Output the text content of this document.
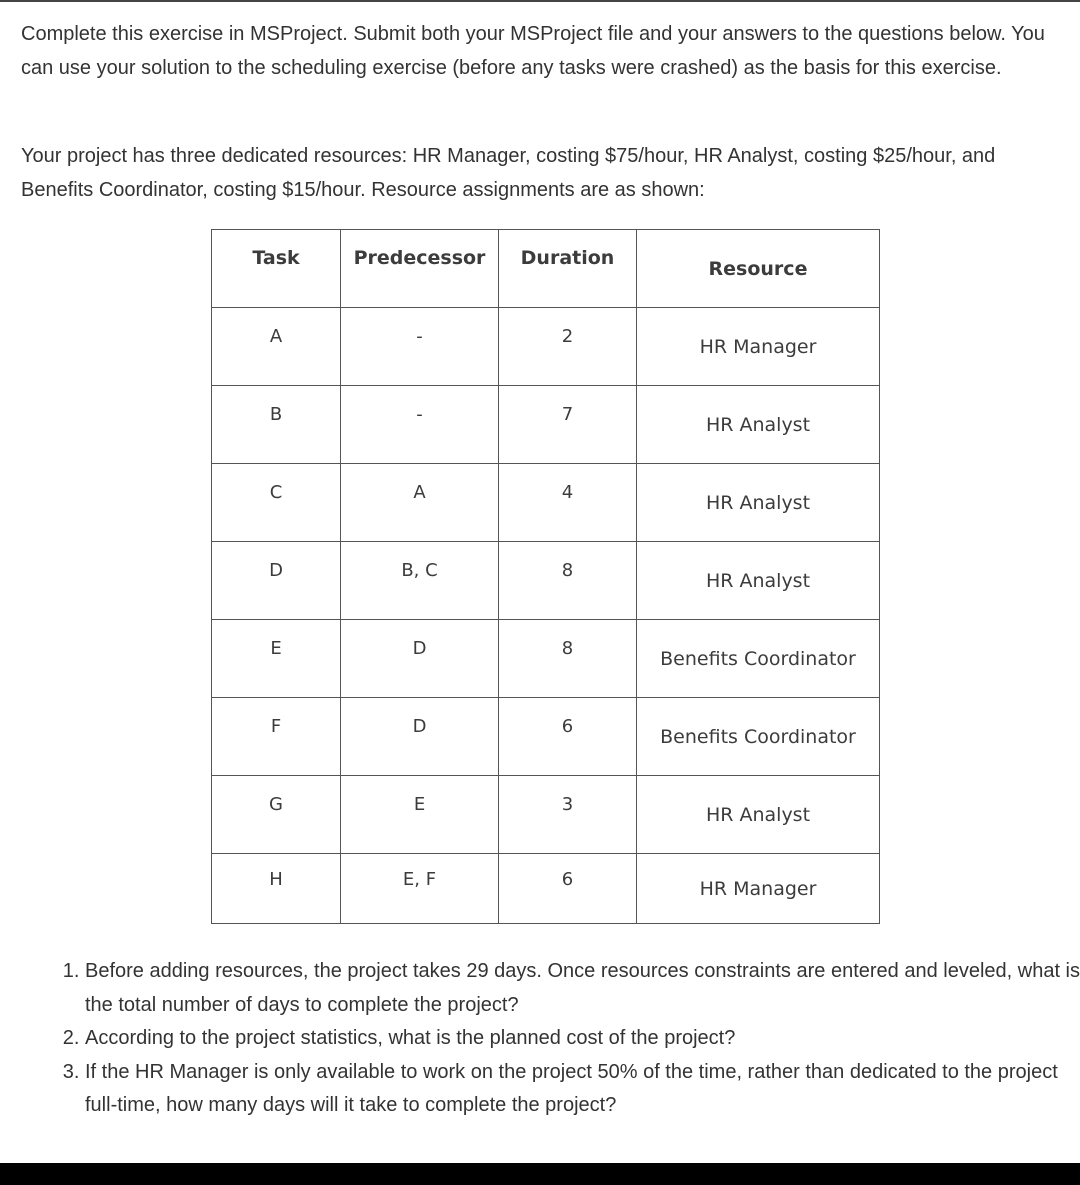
Complete this exercise in MSProject. Submit both your MSProject file and your answers to the questions below. You can use your solution to the scheduling exercise (before any tasks were crashed) as the basis for this exercise.

Your project has three dedicated resources: HR Manager, costing $75/hour, HR Analyst, costing $25/hour, and Benefits Coordinator, costing $15/hour. Resource assignments are as shown:

Task	Predecessor	Duration	Resource
A	-	2	HR Manager
B	-	7	HR Analyst
C	A	4	HR Analyst
D	B, C	8	HR Analyst
E	D	8	Benefits Coordinator
F	D	6	Benefits Coordinator
G	E	3	HR Analyst
H	E, F	6	HR Manager
1. Before adding resources, the project takes 29 days. Once resources constraints are entered and leveled, what is the total number of days to complete the project?
2. According to the project statistics, what is the planned cost of the project?
3. If the HR Manager is only available to work on the project 50% of the time, rather than dedicated to the project full-time, how many days will it take to complete the project?
